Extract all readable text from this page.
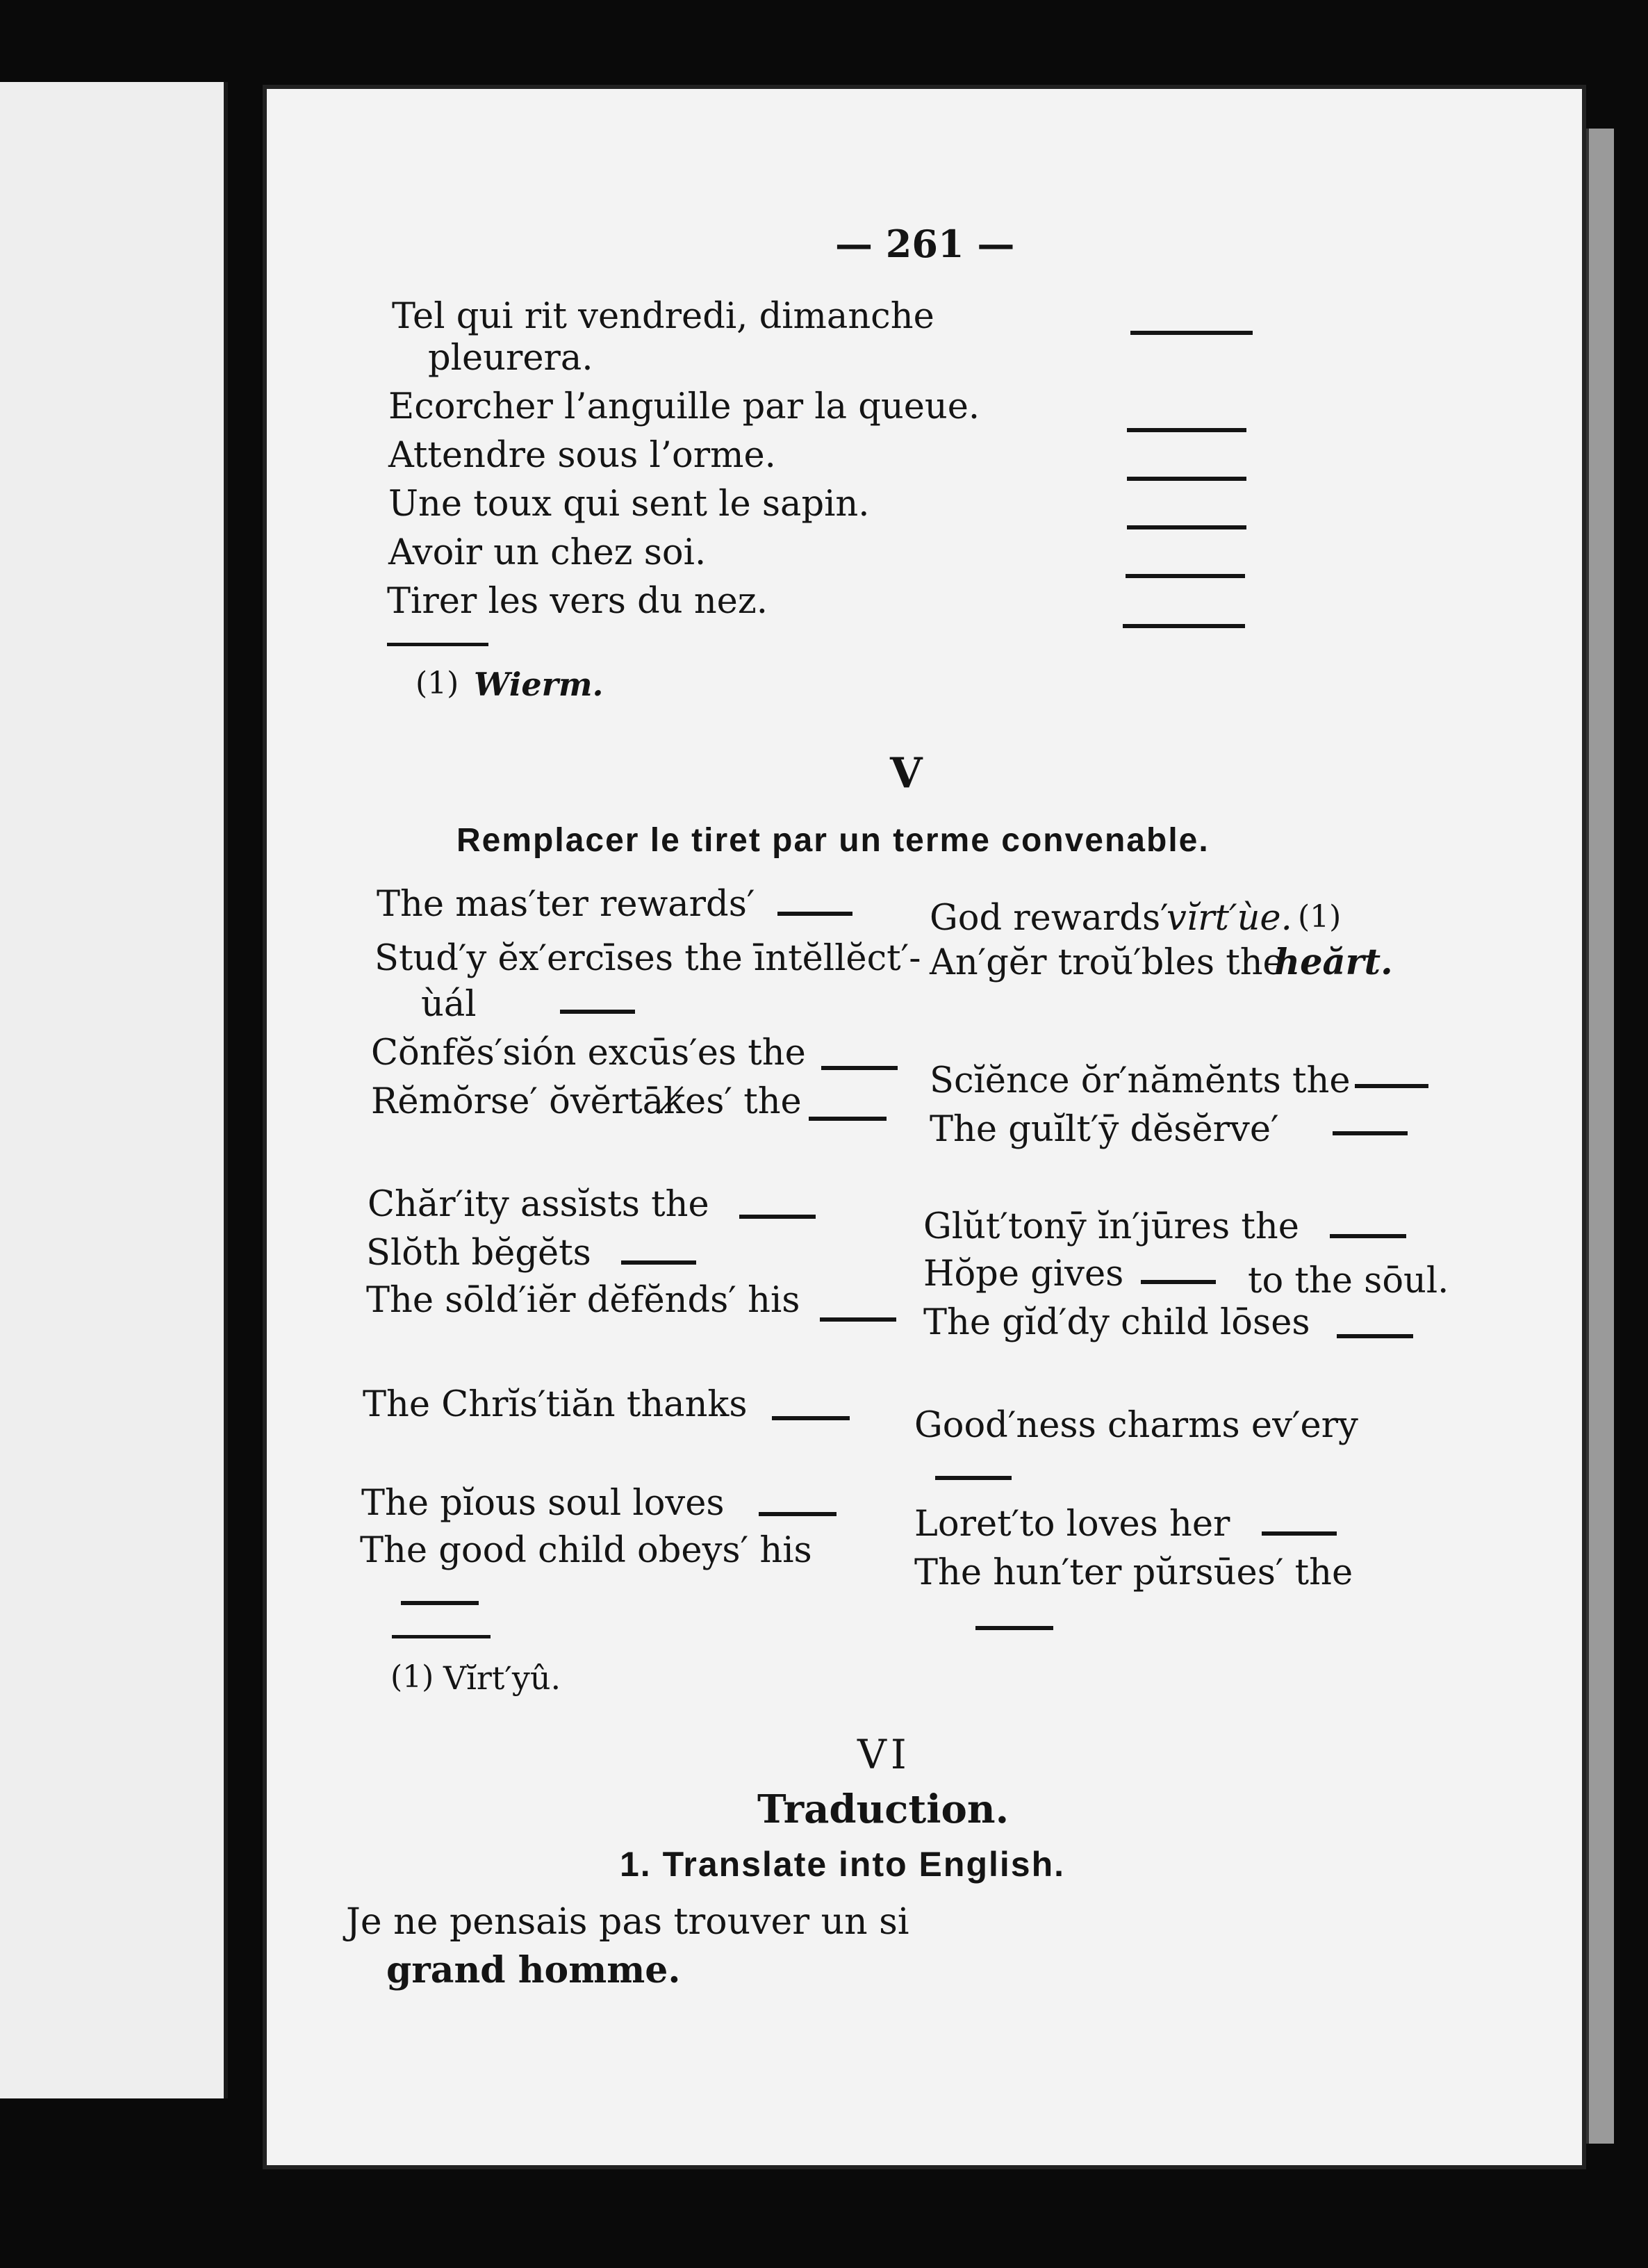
— 261 —
Tel qui rit vendredi, dimanche
pleurera.
Ecorcher l’anguille par la queue.
Attendre sous l’orme.
Une toux qui sent le sapin.
Avoir un chez soi.
Tirer les vers du nez.
(1) Wierm.
V
Remplacer le tiret par un terme convenable.
The mas′ter rewards′
Stud′y ĕx′ercīses the īntĕllĕct′-
ùál
Cŏnfĕs′sión excūs′es the
Rĕmŏrse′ ŏvĕrtāk̸es′ the
Chăr′ity assĭsts the
Slŏth bĕgĕts
The sōld′iĕr dĕfĕnds′ his
The Chrĭs′tiăn thanks
The pĭous soul loves
The good child obeys′ his
God rewards′
vĭrt′ùe. (1)
An′gĕr troŭ′bles the
heărt.
Scĭĕnce ŏr′nămĕnts the
The guĭlt′ȳ dĕsĕrve′
Glŭt′tonȳ ĭn′jūres the
Hŏpe gives	to the sōul.
The gĭd′dy child lōses
Good′ness charms ev′ery
Loret′to loves her
The hun′ter pŭrsūes′ the
(1) Vĭrt′yû.
VI
Traduction.
1. Translate into English.
Je ne pensais pas trouver un si
grand homme.
